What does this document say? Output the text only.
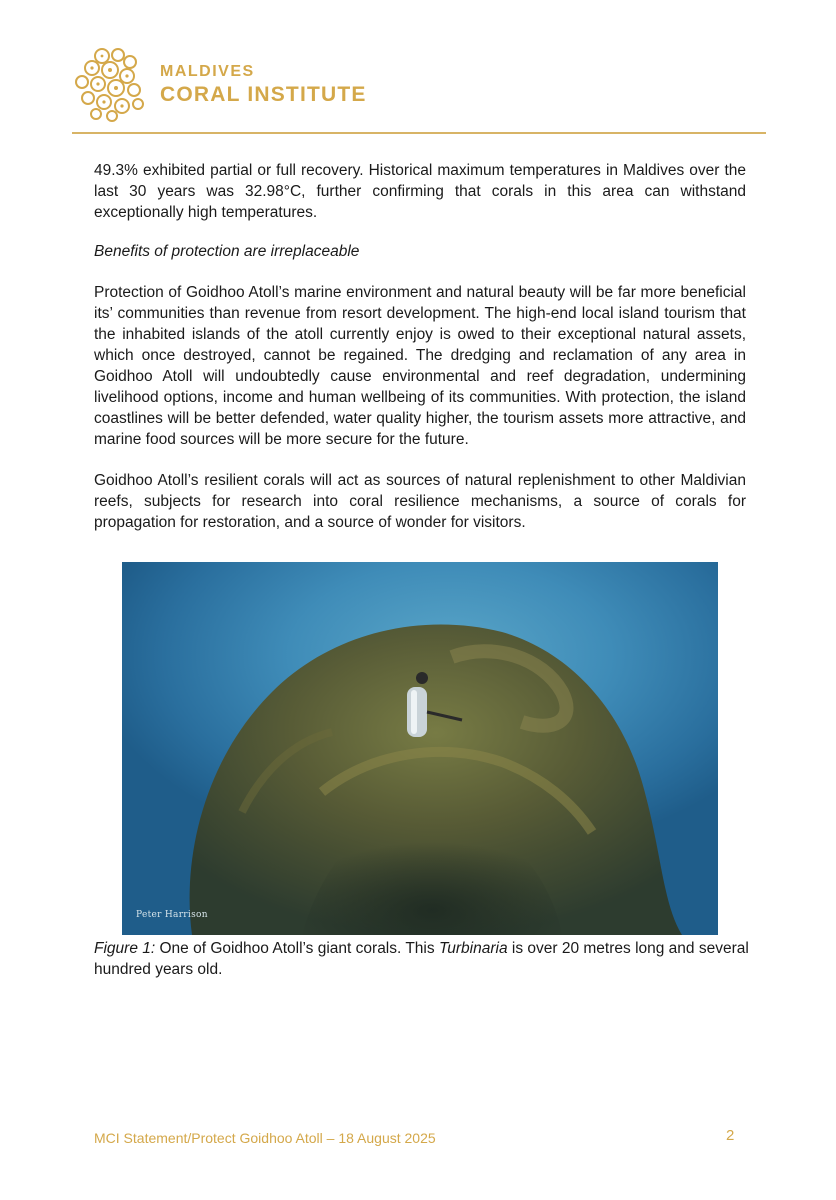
MALDIVES
CORAL INSTITUTE

49.3% exhibited partial or full recovery. Historical maximum temperatures in Maldives over the last 30 years was 32.98°C, further confirming that corals in this area can withstand exceptionally high temperatures.

Benefits of protection are irreplaceable

Protection of Goidhoo Atoll’s marine environment and natural beauty will be far more beneficial its’ communities than revenue from resort development. The high-end local island tourism that the inhabited islands of the atoll currently enjoy is owed to their exceptional natural assets, which once destroyed, cannot be regained. The dredging and reclamation of any area in Goidhoo Atoll will undoubtedly cause environmental and reef degradation, undermining livelihood options, income and human wellbeing of its communities. With protection, the island coastlines will be better defended, water quality higher, the tourism assets more attractive, and marine food sources will be more secure for the future.

Goidhoo Atoll’s resilient corals will act as sources of natural replenishment to other Maldivian reefs, subjects for research into coral resilience mechanisms, a source of corals for propagation for restoration, and a source of wonder for visitors.

Peter Harrison
Figure 1: One of Goidhoo Atoll’s giant corals. This Turbinaria is over 20 metres long and several hundred years old.
MCI Statement/Protect Goidhoo Atoll – 18 August 2025	2
